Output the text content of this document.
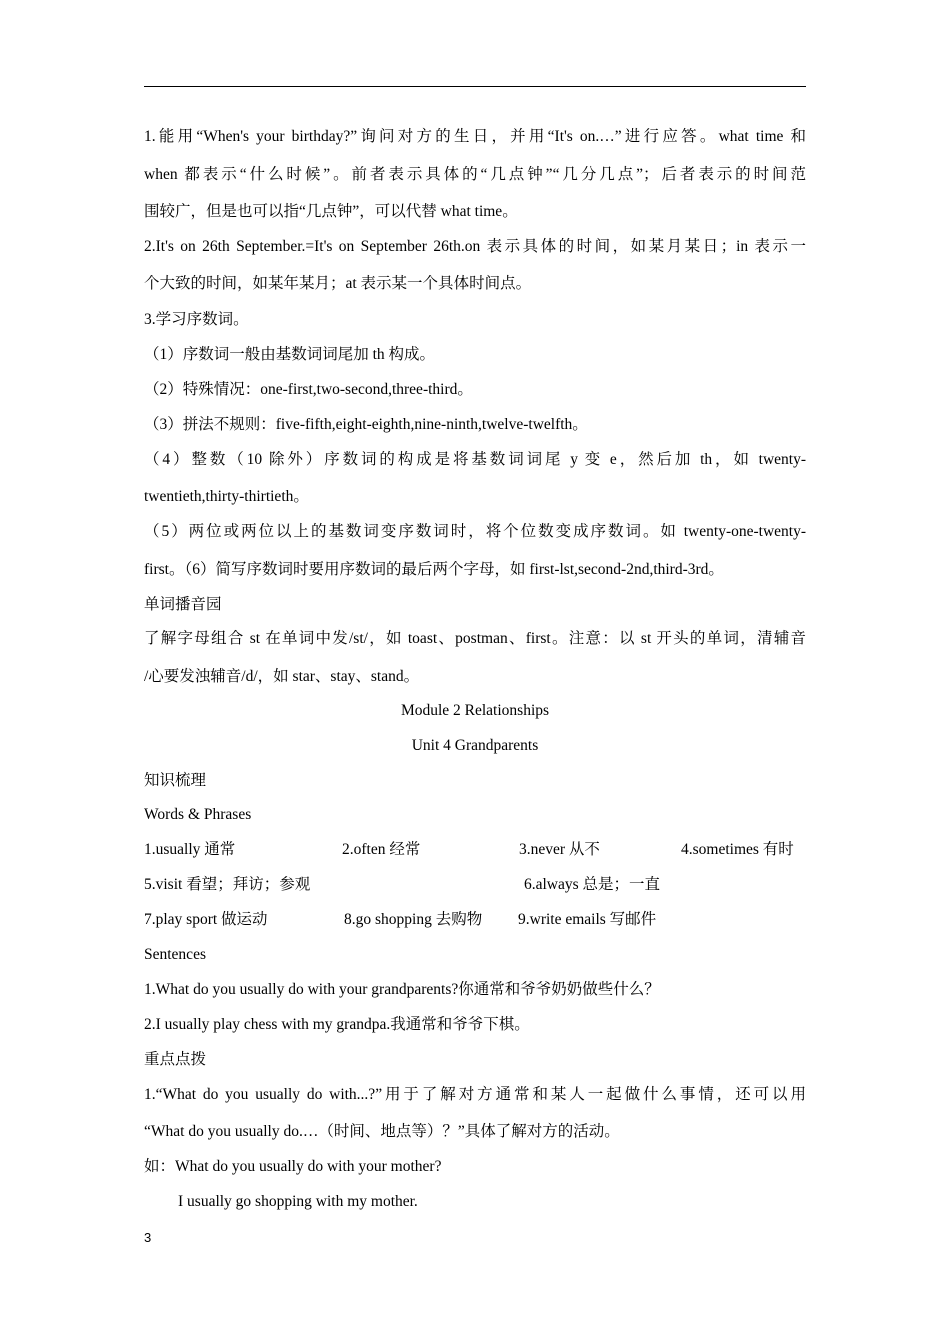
1.能用“When's your birthday?”询问对方的生日，并用“It's on.…”进行应答。what time 和
when 都表示“什么时候”。前者表示具体的“几点钟”“几分几点”；后者表示的时间范
围较广，但是也可以指“几点钟”，可以代替 what time。
2.It's on 26th September.=It's on September 26th.on 表示具体的时间，如某月某日；in 表示一
个大致的时间，如某年某月；at 表示某一个具体时间点。
3.学习序数词。
（1）序数词一般由基数词词尾加 th 构成。
（2）特殊情况：one-first,two-second,three-third。
（3）拼法不规则：five-fifth,eight-eighth,nine-ninth,twelve-twelfth。
（4）整数（10 除外）序数词的构成是将基数词词尾 y 变 e，然后加 th，如 twenty-
twentieth,thirty-thirtieth。
（5）两位或两位以上的基数词变序数词时，将个位数变成序数词。如 twenty-one-twenty-
first。（6）简写序数词时要用序数词的最后两个字母，如 first-lst,second-2nd,third-3rd。
单词播音园
了解字母组合 st 在单词中发/st/，如 toast、postman、first。注意：以 st 开头的单词，清辅音
/心要发浊辅音/d/，如 star、stay、stand。
Module 2 Relationships
Unit 4 Grandparents
知识梳理
Words & Phrases
1.usually 通常	2.often 经常	3.never 从不	4.sometimes 有时
5.visit 看望；拜访；参观	6.always 总是；一直
7.play sport 做运动	8.go shopping 去购物 9.write emails 写邮件
Sentences
1.What do you usually do with your grandparents?你通常和爷爷奶奶做些什么？
2.I usually play chess with my grandpa.我通常和爷爷下棋。
重点点拨
1.“What do you usually do with...?”用于了解对方通常和某人一起做什么事情，还可以用
“What do you usually do.…（时间、地点等）？”具体了解对方的活动。
如：What do you usually do with your mother?
I usually go shopping with my mother.
3
